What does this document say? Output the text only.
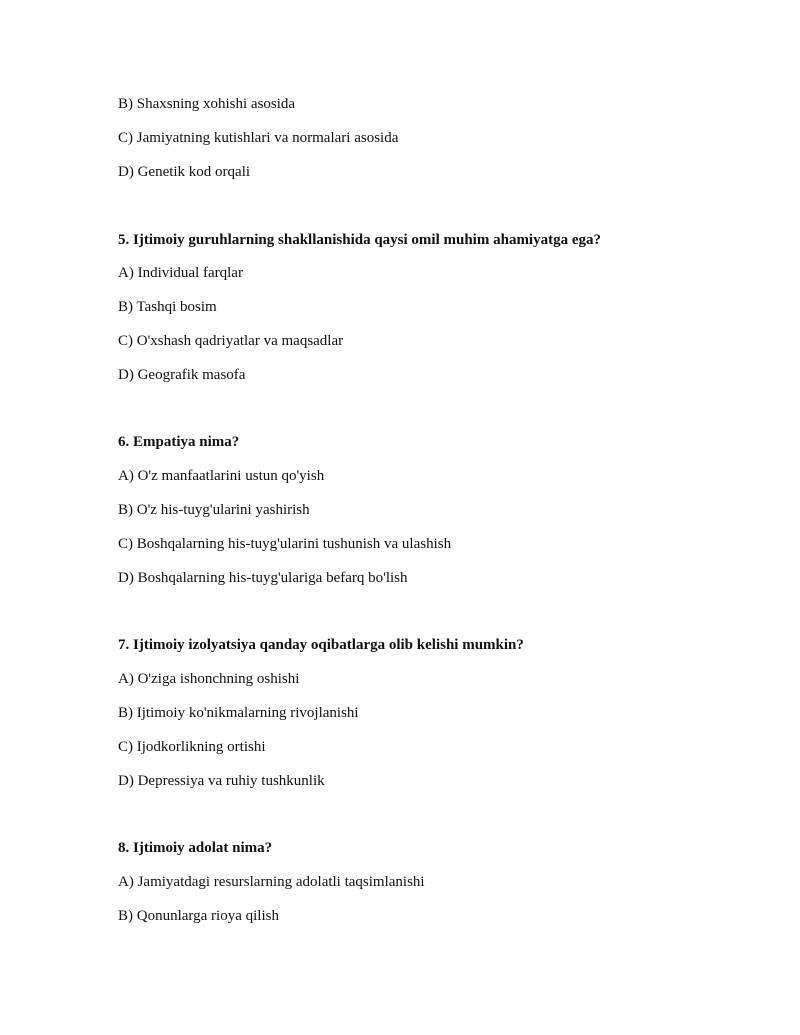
B) Shaxsning xohishi asosida
C) Jamiyatning kutishlari va normalari asosida
D) Genetik kod orqali
5. Ijtimoiy guruhlarning shakllanishida qaysi omil muhim ahamiyatga ega?
A) Individual farqlar
B) Tashqi bosim
C) O'xshash qadriyatlar va maqsadlar
D) Geografik masofa
6. Empatiya nima?
A) O'z manfaatlarini ustun qo'yish
B) O'z his-tuyg'ularini yashirish
C) Boshqalarning his-tuyg'ularini tushunish va ulashish
D) Boshqalarning his-tuyg'ulariga befarq bo'lish
7. Ijtimoiy izolyatsiya qanday oqibatlarga olib kelishi mumkin?
A) O'ziga ishonchning oshishi
B) Ijtimoiy ko'nikmalarning rivojlanishi
C) Ijodkorlikning ortishi
D) Depressiya va ruhiy tushkunlik
8. Ijtimoiy adolat nima?
A) Jamiyatdagi resurslarning adolatli taqsimlanishi
B) Qonunlarga rioya qilish
